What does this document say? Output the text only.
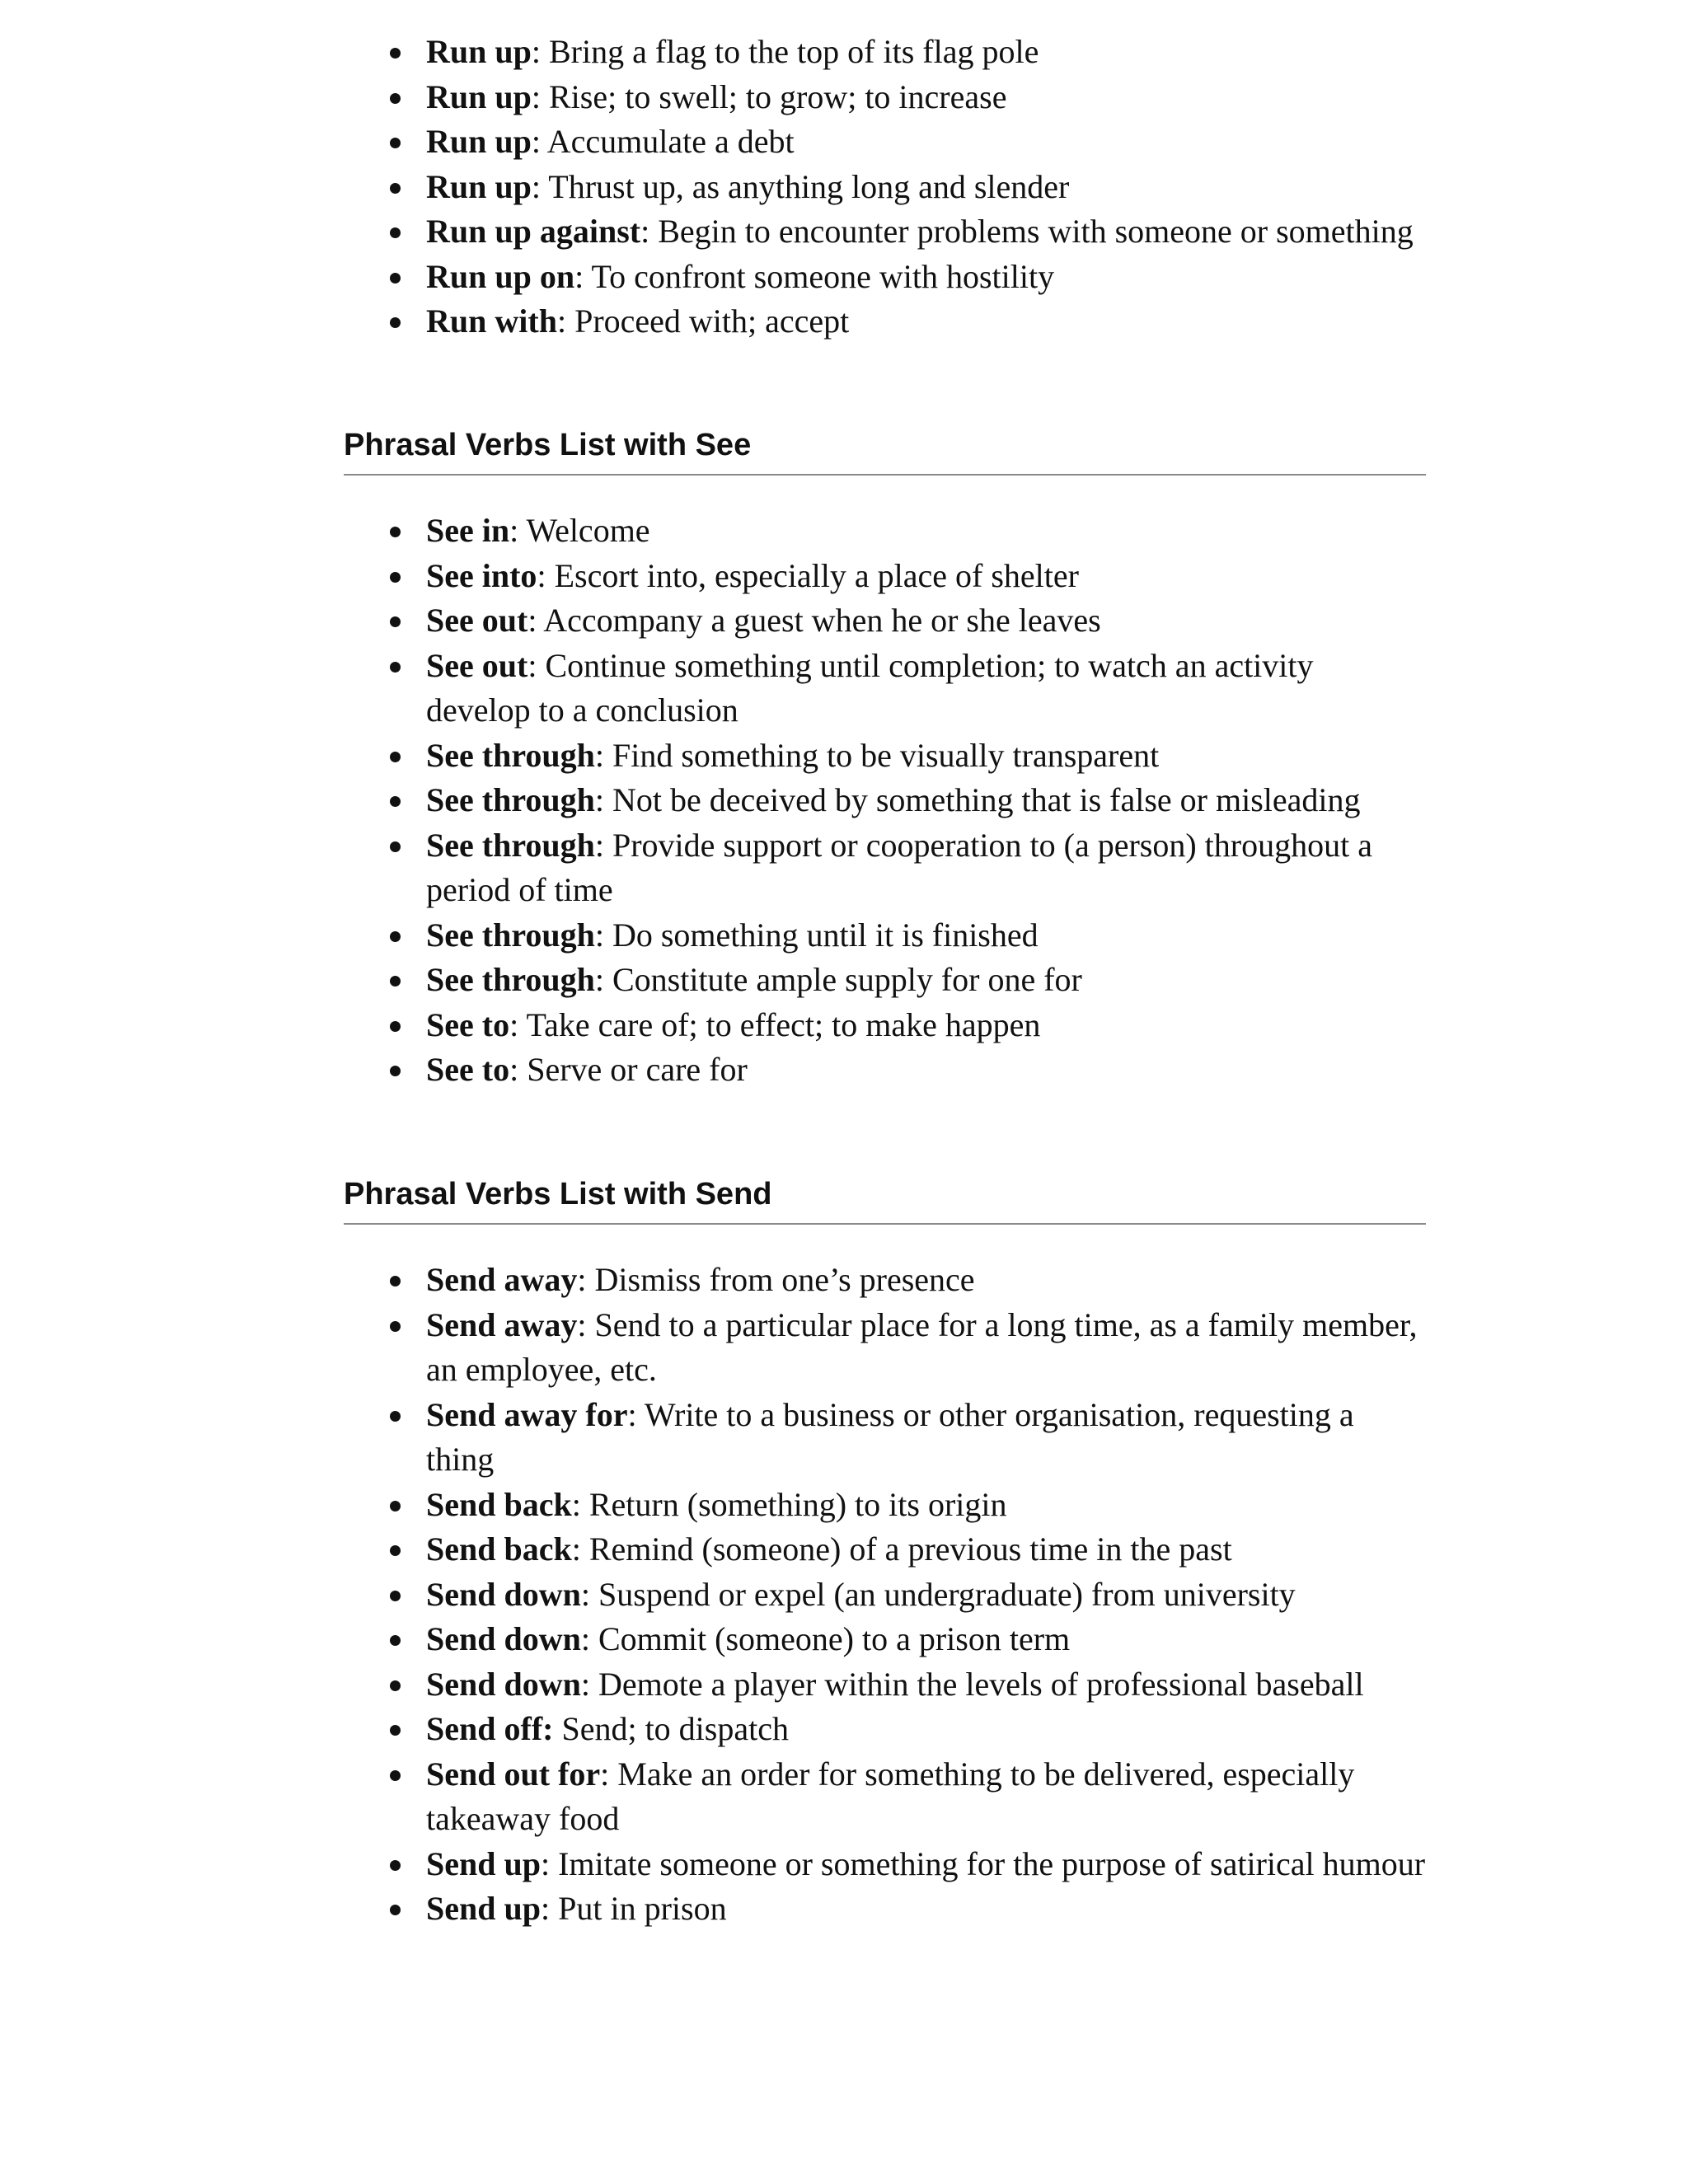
Run up: Bring a flag to the top of its flag pole
Run up: Rise; to swell; to grow; to increase
Run up: Accumulate a debt
Run up: Thrust up, as anything long and slender
Run up against: Begin to encounter problems with someone or something
Run up on: To confront someone with hostility
Run with: Proceed with; accept
Phrasal Verbs List with See
See in: Welcome
See into: Escort into, especially a place of shelter
See out: Accompany a guest when he or she leaves
See out: Continue something until completion; to watch an activity develop to a conclusion
See through: Find something to be visually transparent
See through: Not be deceived by something that is false or misleading
See through: Provide support or cooperation to (a person) throughout a period of time
See through: Do something until it is finished
See through: Constitute ample supply for one for
See to: Take care of; to effect; to make happen
See to: Serve or care for
Phrasal Verbs List with Send
Send away: Dismiss from one’s presence
Send away: Send to a particular place for a long time, as a family member, an employee, etc.
Send away for: Write to a business or other organisation, requesting a thing
Send back: Return (something) to its origin
Send back: Remind (someone) of a previous time in the past
Send down: Suspend or expel (an undergraduate) from university
Send down: Commit (someone) to a prison term
Send down: Demote a player within the levels of professional baseball
Send off: Send; to dispatch
Send out for: Make an order for something to be delivered, especially takeaway food
Send up: Imitate someone or something for the purpose of satirical humour
Send up: Put in prison
